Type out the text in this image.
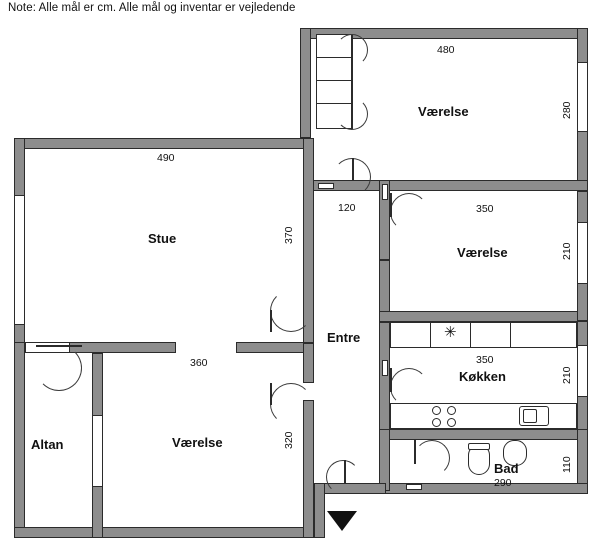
Note: Alle mål er cm. Alle mål og inventar er vejledende
✳
Stue
Værelse
Værelse
Værelse
Entre
Køkken
Bad
Altan
490
370
360
480
280
350
210
120
350
210
290
110
320
